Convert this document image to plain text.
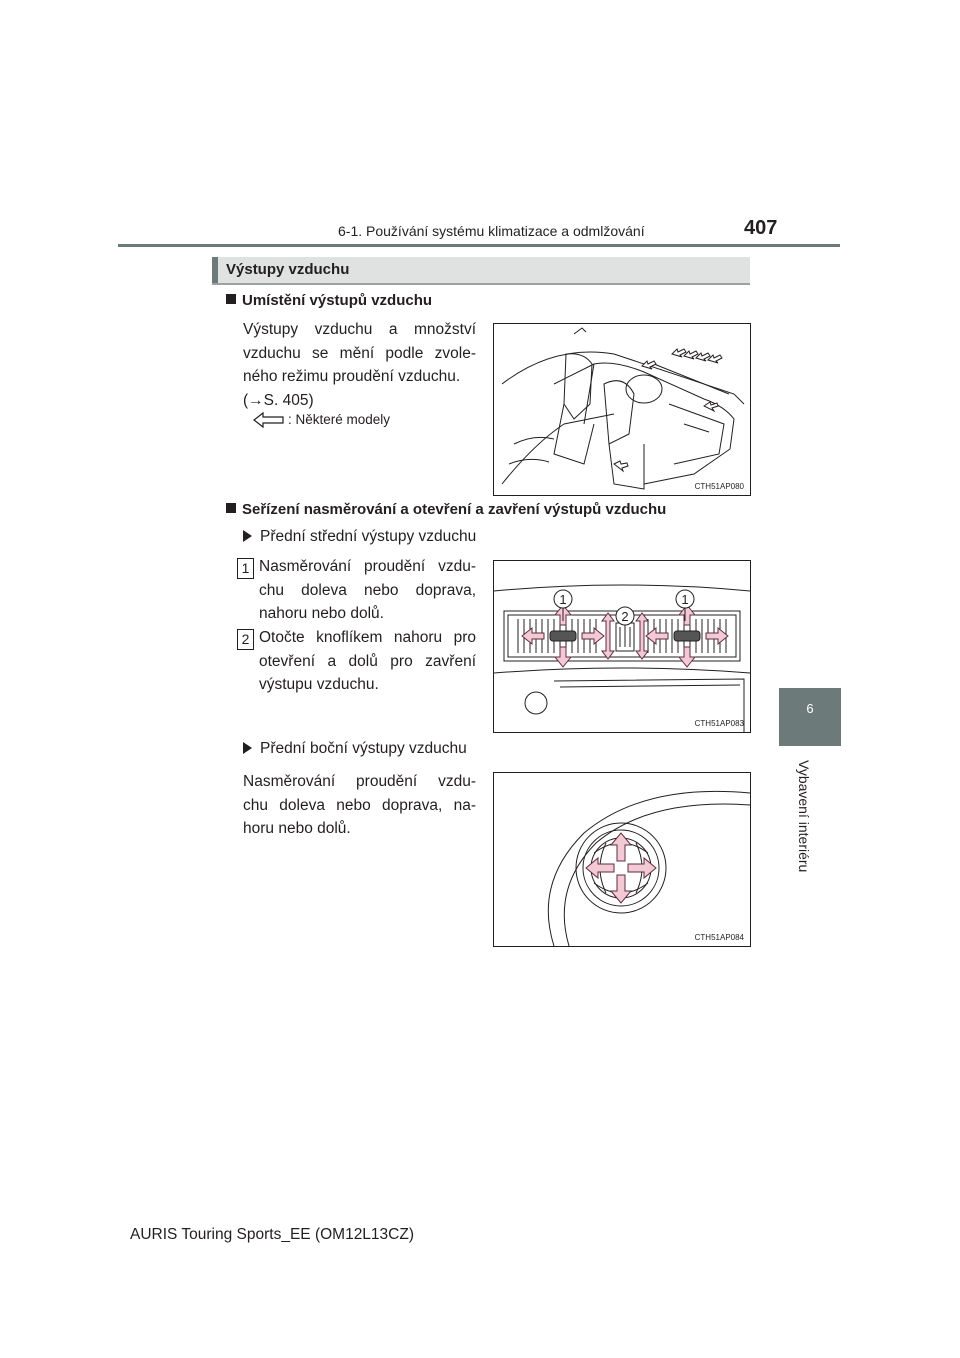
6-1. Používání systému klimatizace a odmlžování	407
6
Vybavení interiéru
Výstupy vzduchu
Umístění výstupů vzduchu
Výstupy vzduchu a množství
vzduchu se mění podle zvole-
ného režimu proudění vzduchu.
(→S. 405)
: Některé modely
CTH51AP080
Seřízení nasměrování a otevření a zavření výstupů vzduchu
Přední střední výstupy vzduchu
1 Nasměrování proudění vzdu-
chu doleva nebo doprava,
nahoru nebo dolů.
2 Otočte knoflíkem nahoru pro
otevření a dolů pro zavření
výstupu vzduchu.
1	1
2
CTH51AP083
Přední boční výstupy vzduchu
Nasměrování proudění vzdu-
chu doleva nebo doprava, na-
horu nebo dolů.
CTH51AP084
AURIS Touring Sports_EE (OM12L13CZ)
